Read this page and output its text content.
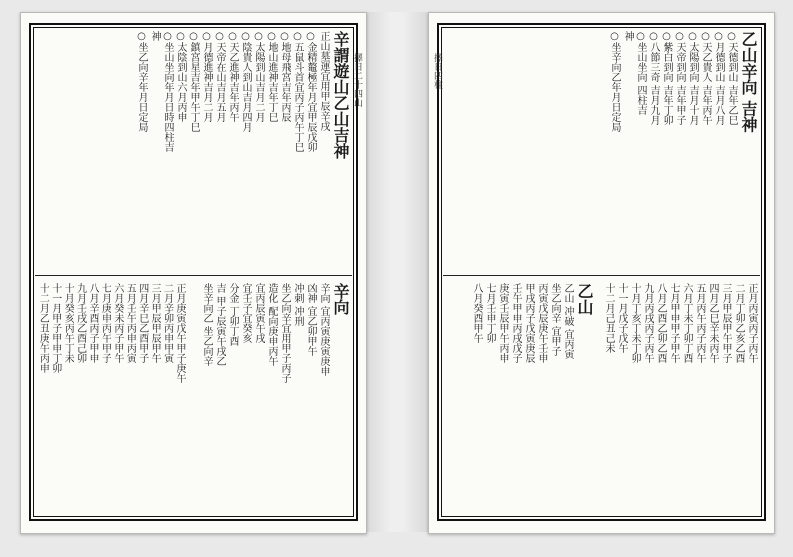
辛謂遊山乙山吉神
正山墓運宜用甲辰辛戌
○金精鼇極年月宜甲辰戊卯
○五鼠斗首宜丙子丙午丁巳
○地母飛宮吉年丙辰
○地山進神吉年丁巳
○太陽到山吉月二月
○陰貴人到山吉月四月
○天乙進神吉年丙午
○天帝在山吉月五月
○月德進神吉月二月
○鎮宮星吉年甲午丁巳
○太陰到山六月丙申
○坐山坐向年月日時四柱吉
神
○坐乙向辛年月日定局
正月庚寅戊午甲子庚午
二月辛卯丙申甲寅
三月甲辰甲辰甲午
四月辛巳乙酉甲子
五月壬午丙申丙寅
六月癸未丙子甲午
七月庚申丙午甲子
八月辛酉丙子甲申
九月壬戌乙酉己卯
十月癸亥丙午丁未
十一月甲子甲申丁卯
十二月乙丑庚午丙申	辛向
辛向 宜丙寅庚寅庚申
凶神 宜乙卯甲午
冲刺 冲刑
坐乙向辛宜用甲子丙子
造化 配向庚申丙午
宜丙辰寅午戌
宜壬子宜癸亥
分金 丁卯丁酉
吉 甲子辰寅午戌乙
坐辛向乙 坐乙向辛
擇日二十四山	乙山辛向 吉神
○天德到山 吉年乙巳
○月德到山 吉月八月
○天乙貴人 吉年丙午
○太陽到向 吉月十月
○天帝到向 吉年甲子
○紫白到向 吉年丁卯
○八節三奇 吉月九月
○坐山坐向 四柱吉
神
○坐辛向乙年月日定局
正月丙寅丙子丙午
二月丁卯乙亥乙酉
三月甲辰甲午甲子
四月乙巳辛未丙午
五月丙午丙子丙午
六月丁未丁卯丁酉
七月甲申甲子甲午
八月乙酉乙卯乙酉
九月丙戌丙子丙午
十月丁亥丁未丁卯
十一月戊子戊午
十二月己丑己未
乙山
乙山 冲破 宜丙寅
坐乙向辛 宜甲子
丙寅戊辰庚午壬申
甲戌丙子戊寅庚辰
壬午甲申丙戌戊子
庚寅壬辰甲午丙申
七月壬申丁卯
八月癸酉甲午
擇日四柱
